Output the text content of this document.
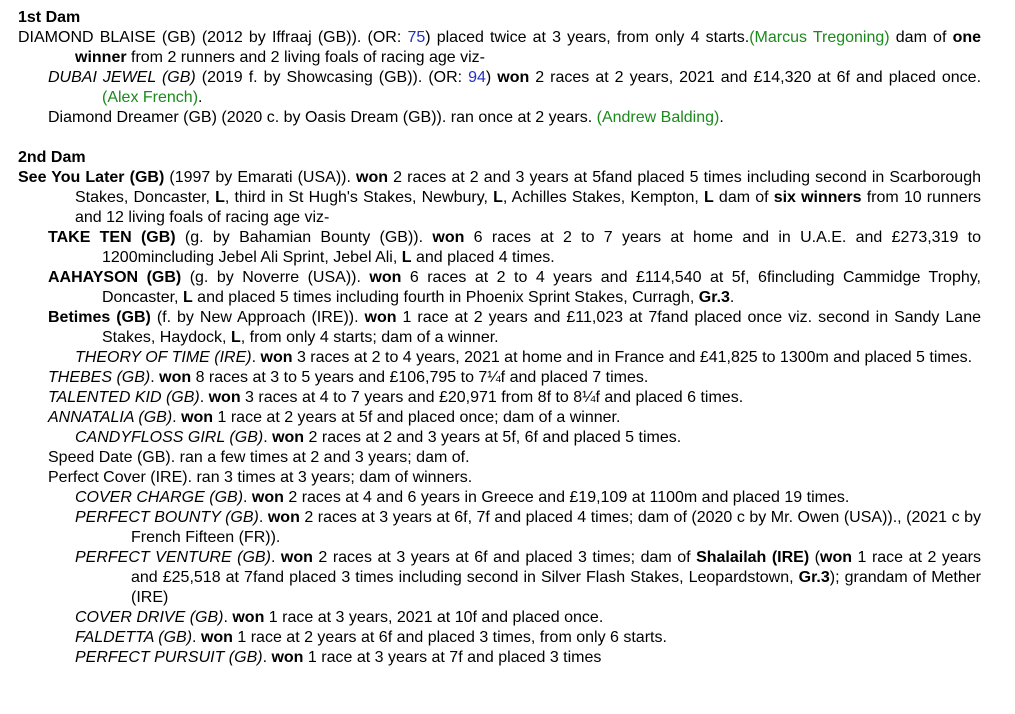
1st Dam
DIAMOND BLAISE (GB) (2012 by Iffraaj (GB)). (OR: 75) placed twice at 3 years, from only 4 starts.(Marcus Tregoning) dam of one winner from 2 runners and 2 living foals of racing age viz-
DUBAI JEWEL (GB) (2019 f. by Showcasing (GB)). (OR: 94) won 2 races at 2 years, 2021 and £14,320 at 6f and placed once. (Alex French).
Diamond Dreamer (GB) (2020 c. by Oasis Dream (GB)). ran once at 2 years. (Andrew Balding).
2nd Dam
See You Later (GB) (1997 by Emarati (USA)). won 2 races at 2 and 3 years at 5fand placed 5 times including second in Scarborough Stakes, Doncaster, L, third in St Hugh's Stakes, Newbury, L, Achilles Stakes, Kempton, L dam of six winners from 10 runners and 12 living foals of racing age viz-
TAKE TEN (GB) (g. by Bahamian Bounty (GB)). won 6 races at 2 to 7 years at home and in U.A.E. and £273,319 to 1200mincluding Jebel Ali Sprint, Jebel Ali, L and placed 4 times.
AAHAYSON (GB) (g. by Noverre (USA)). won 6 races at 2 to 4 years and £114,540 at 5f, 6fincluding Cammidge Trophy, Doncaster, L and placed 5 times including fourth in Phoenix Sprint Stakes, Curragh, Gr.3.
Betimes (GB) (f. by New Approach (IRE)). won 1 race at 2 years and £11,023 at 7fand placed once viz. second in Sandy Lane Stakes, Haydock, L, from only 4 starts; dam of a winner.
THEORY OF TIME (IRE). won 3 races at 2 to 4 years, 2021 at home and in France and £41,825 to 1300m and placed 5 times.
THEBES (GB). won 8 races at 3 to 5 years and £106,795 to 7¼f and placed 7 times.
TALENTED KID (GB). won 3 races at 4 to 7 years and £20,971 from 8f to 8¼f and placed 6 times.
ANNATALIA (GB). won 1 race at 2 years at 5f and placed once; dam of a winner.
CANDYFLOSS GIRL (GB). won 2 races at 2 and 3 years at 5f, 6f and placed 5 times.
Speed Date (GB). ran a few times at 2 and 3 years; dam of.
Perfect Cover (IRE). ran 3 times at 3 years; dam of winners.
COVER CHARGE (GB). won 2 races at 4 and 6 years in Greece and £19,109 at 1100m and placed 19 times.
PERFECT BOUNTY (GB). won 2 races at 3 years at 6f, 7f and placed 4 times; dam of (2020 c by Mr. Owen (USA))., (2021 c by French Fifteen (FR)).
PERFECT VENTURE (GB). won 2 races at 3 years at 6f and placed 3 times; dam of Shalailah (IRE) (won 1 race at 2 years and £25,518 at 7fand placed 3 times including second in Silver Flash Stakes, Leopardstown, Gr.3); grandam of Mether (IRE)
COVER DRIVE (GB). won 1 race at 3 years, 2021 at 10f and placed once.
FALDETTA (GB). won 1 race at 2 years at 6f and placed 3 times, from only 6 starts.
PERFECT PURSUIT (GB). won 1 race at 3 years at 7f and placed 3 times
